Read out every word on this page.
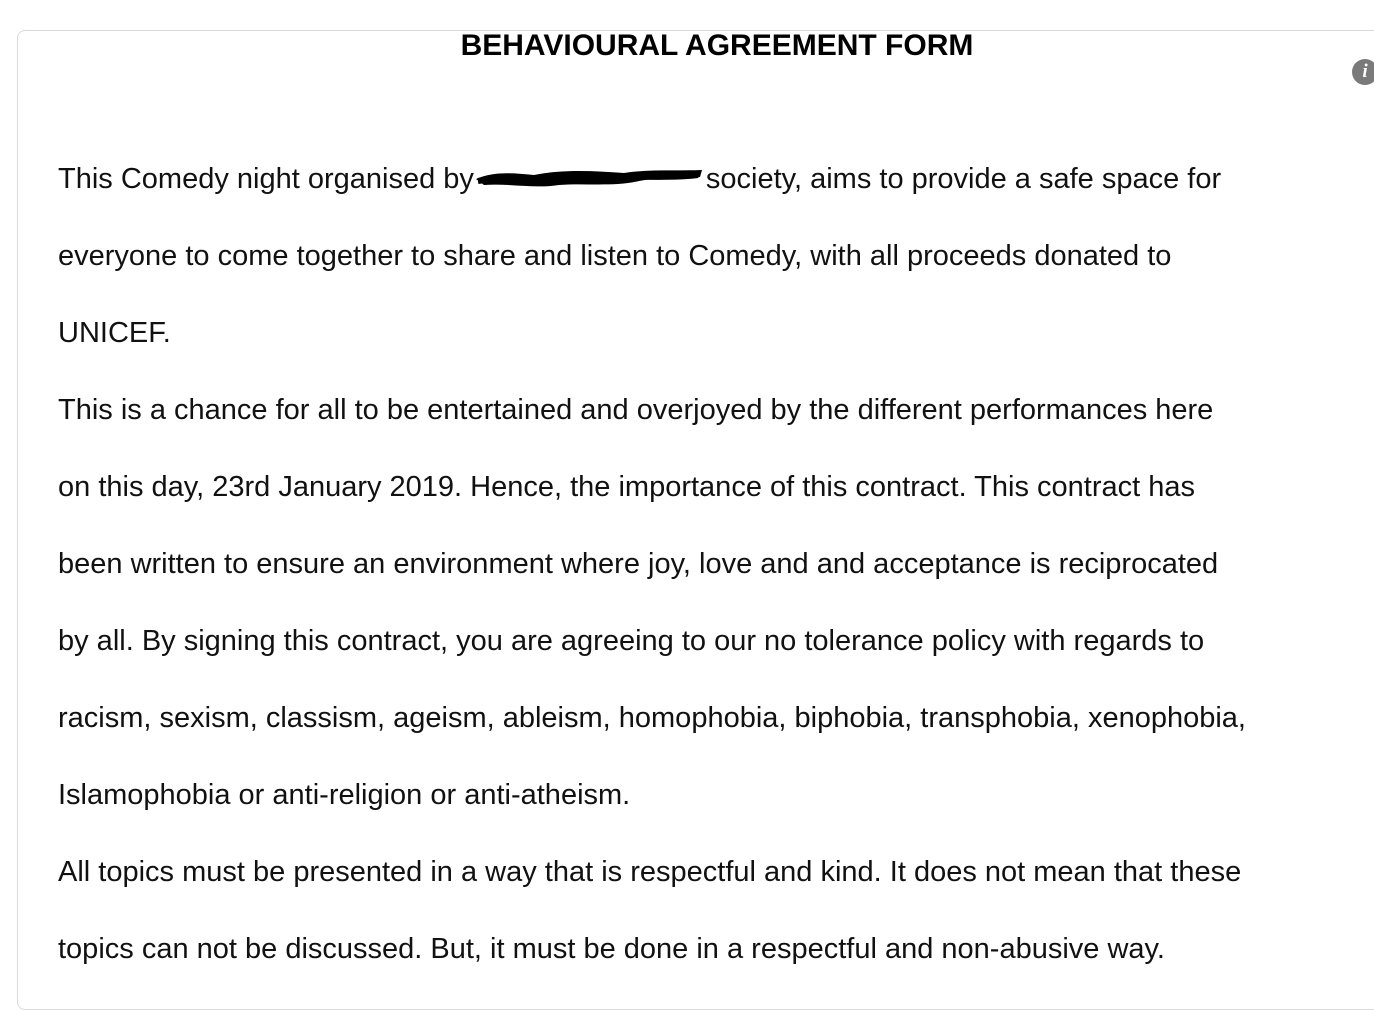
BEHAVIOURAL AGREEMENT FORM
i

This Comedy night organised by	society, aims to provide a safe space for
everyone to come together to share and listen to Comedy, with all proceeds donated to
UNICEF.

This is a chance for all to be entertained and overjoyed by the different performances here
on this day, 23rd January 2019. Hence, the importance of this contract. This contract has
been written to ensure an environment where joy, love and and acceptance is reciprocated
by all. By signing this contract, you are agreeing to our no tolerance policy with regards to
racism, sexism, classism, ageism, ableism, homophobia, biphobia, transphobia, xenophobia,
Islamophobia or anti-religion or anti-atheism.

All topics must be presented in a way that is respectful and kind. It does not mean that these
topics can not be discussed. But, it must be done in a respectful and non-abusive way.
